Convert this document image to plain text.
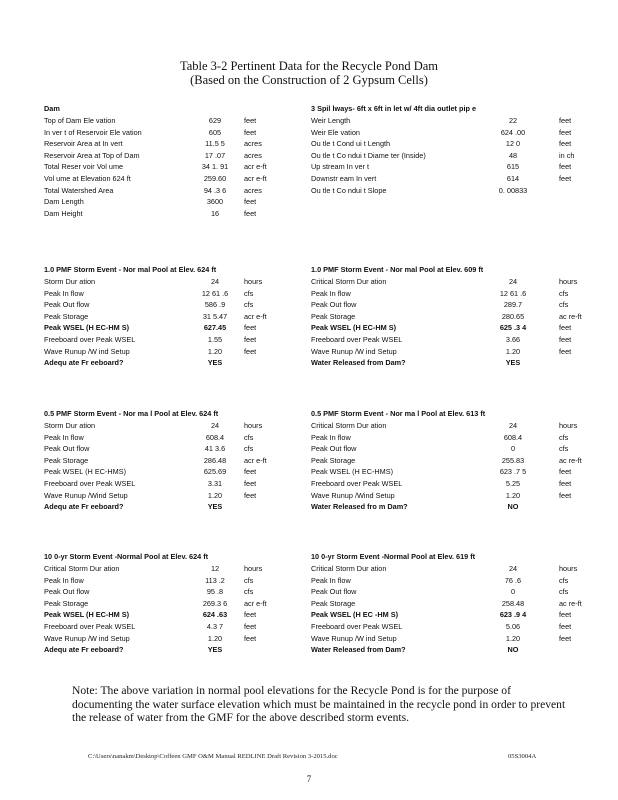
Table 3-2 Pertinent Data for the Recycle Pond Dam
(Based on the Construction of 2 Gypsum Cells)
Dam
Top of Dam Ele vation	629	feet
In ver t of Reservoir Ele vation	605	feet
Reservoir Area at In vert	11.5 5	acres
Reservoir Area at Top of Dam	17 .07	acres
Total Reser voir Vol ume	34 1. 91	acr e-ft
Vol ume at Elevation 624 ft	259.60	acr e-ft
Total Watershed Area	94 .3 6	acres
Dam Length	3600	feet
Dam Height	16	feet
3 Spil lways- 6ft x 6ft in let w/ 4ft dia outlet pip e
Weir Length	22	feet
Weir Ele vation	624 .00	feet
Ou tle t Cond ui t Length	12 0	feet
Ou tle t Co ndui t Diame ter (Inside)	48	in ch
Up stream In ver t	615	feet
Downstr eam In vert	614	feet
Ou tle t Co ndui t Slope	0. 00833
1.0 PMF Storm Event - Nor mal Pool at Elev. 624 ft
Storm Dur ation	24	hours
Peak In flow	12 61 .6	cfs
Peak Out flow	586 .9	cfs
Peak Storage	31 5.47	acr e-ft
Peak WSEL (H EC-HM S)	627.45	feet
Freeboard over Peak WSEL	1.55	feet
Wave Runup /W ind Setup	1.20	feet
Adequ ate Fr eeboard?	YES
1.0 PMF Storm Event - Nor mal Pool at Elev. 609 ft
Critical Storm Dur ation	24	hours
Peak In flow	12 61 .6	cfs
Peak Out flow	289.7	cfs
Peak Storage	280.65	ac re-ft
Peak WSEL (H EC-HM S)	625 .3 4	feet
Freeboard over Peak WSEL	3.66	feet
Wave Runup /W ind Setup	1.20	feet
Water Released from Dam?	YES
0.5 PMF Storm Event - Nor ma l Pool at Elev. 624 ft
Storm Dur ation	24	hours
Peak In flow	608.4	cfs
Peak Out flow	41 3.6	cfs
Peak Storage	286.48	acr e-ft
Peak WSEL (H EC-HMS)	625.69	feet
Freeboard over Peak WSEL	3.31	feet
Wave Runup /Wind Setup	1.20	feet
Adequ ate Fr eeboard?	YES
0.5 PMF Storm Event - Nor ma l Pool at Elev. 613 ft
Critical Storm Dur ation	24	hours
Peak In flow	608.4	cfs
Peak Out flow	0	cfs
Peak Storage	255.83	ac re-ft
Peak WSEL (H EC-HMS)	623 .7 5	feet
Freeboard over Peak WSEL	5.25	feet
Wave Runup /Wind Setup	1.20	feet
Water Released fro m Dam?	NO
10 0-yr Storm Event -Normal Pool at Elev. 624 ft
Critical Storm Dur ation	12	hours
Peak In flow	113 .2	cfs
Peak Out flow	95 .8	cfs
Peak Storage	269.3 6	acr e-ft
Peak WSEL (H EC-HM S)	624 .63	feet
Freeboard over Peak WSEL	4.3 7	feet
Wave Runup /W ind Setup	1.20	feet
Adequ ate Fr eeboard?	YES
10 0-yr Storm Event -Normal Pool at Elev. 619 ft
Critical Storm Dur ation	24	hours
Peak In flow	76 .6	cfs
Peak Out flow	0	cfs
Peak Storage	258.48	ac re-ft
Peak WSEL (H EC -HM S)	623 .9 4	feet
Freeboard over Peak WSEL	5.06	feet
Wave Runup /W ind Setup	1.20	feet
Water Released from Dam?	NO
Note: The above variation in normal pool elevations for the Recycle Pond is for the purpose of documenting the water surface elevation which must be maintained in the recycle pond in order to prevent the release of water from the GMF for the above described storm events.
C:\Users\nanakm\Desktop\Coffeen GMF O&M Manual REDLINE Draft Revision 3-2015.doc	05S3004A
7
